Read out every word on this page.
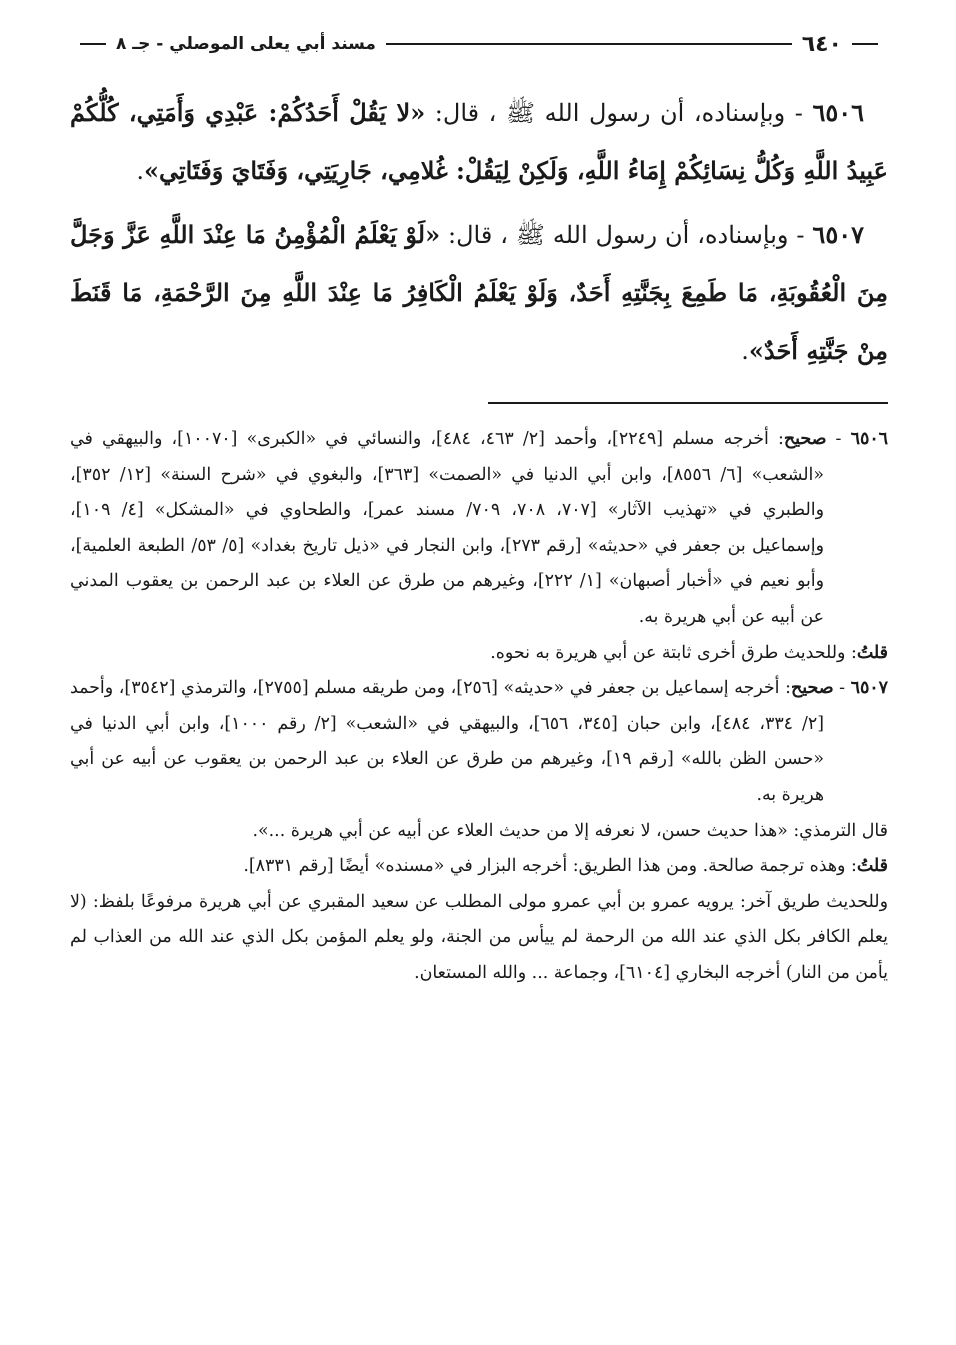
٦٤٠
مسند أبي يعلى الموصلي - جـ ٨

٦٥٠٦ - وبإسناده، أن رسول الله ﷺ ، قال: «لا يَقُلْ أَحَدُكُمْ: عَبْدِي وَأَمَتِي، كُلُّكُمْ عَبِيدُ اللَّهِ وَكُلُّ نِسَائِكُمْ إِمَاءُ اللَّهِ، وَلَكِنْ لِيَقُلْ: غُلامِي، جَارِيَتِي، وَفَتَايَ وَفَتَاتِي».

٦٥٠٧ - وبإسناده، أن رسول الله ﷺ ، قال: «لَوْ يَعْلَمُ الْمُؤْمِنُ مَا عِنْدَ اللَّهِ عَزَّ وَجَلَّ مِنَ الْعُقُوبَةِ، مَا طَمِعَ بِجَنَّتِهِ أَحَدٌ، وَلَوْ يَعْلَمُ الْكَافِرُ مَا عِنْدَ اللَّهِ مِنَ الرَّحْمَةِ، مَا قَنَطَ مِنْ جَنَّتِهِ أَحَدٌ».

٦٥٠٦ - صحيح: أخرجه مسلم [٢٢٤٩]، وأحمد [٢/ ٤٦٣، ٤٨٤]، والنسائي في «الكبرى» [١٠٠٧٠]، والبيهقي في «الشعب» [٦/ ٨٥٥٦]، وابن أبي الدنيا في «الصمت» [٣٦٣]، والبغوي في «شرح السنة» [١٢/ ٣٥٢]، والطبري في «تهذيب الآثار» [٧٠٧، ٧٠٨، ٧٠٩/ مسند عمر]، والطحاوي في «المشكل» [٤/ ١٠٩]، وإسماعيل بن جعفر في «حديثه» [رقم ٢٧٣]، وابن النجار في «ذيل تاريخ بغداد» [٥/ ٥٣/ الطبعة العلمية]، وأبو نعيم في «أخبار أصبهان» [١/ ٢٢٢]، وغيرهم من طرق عن العلاء بن عبد الرحمن بن يعقوب المدني عن أبيه عن أبي هريرة به.

قلتُ: وللحديث طرق أخرى ثابتة عن أبي هريرة به نحوه.

٦٥٠٧ - صحيح: أخرجه إسماعيل بن جعفر في «حديثه» [٢٥٦]، ومن طريقه مسلم [٢٧٥٥]، والترمذي [٣٥٤٢]، وأحمد [٢/ ٣٣٤، ٤٨٤]، وابن حبان [٣٤٥، ٦٥٦]، والبيهقي في «الشعب» [٢/ رقم ١٠٠٠]، وابن أبي الدنيا في «حسن الظن بالله» [رقم ١٩]، وغيرهم من طرق عن العلاء بن عبد الرحمن بن يعقوب عن أبيه عن أبي هريرة به.

قال الترمذي: «هذا حديث حسن، لا نعرفه إلا من حديث العلاء عن أبيه عن أبي هريرة ...».

قلتُ: وهذه ترجمة صالحة. ومن هذا الطريق: أخرجه البزار في «مسنده» أيضًا [رقم ٨٣٣١].

وللحديث طريق آخر: يرويه عمرو بن أبي عمرو مولى المطلب عن سعيد المقبري عن أبي هريرة مرفوعًا بلفظ: (لا يعلم الكافر بكل الذي عند الله من الرحمة لم ييأس من الجنة، ولو يعلم المؤمن بكل الذي عند الله من العذاب لم يأمن من النار) أخرجه البخاري [٦١٠٤]، وجماعة ... والله المستعان.
